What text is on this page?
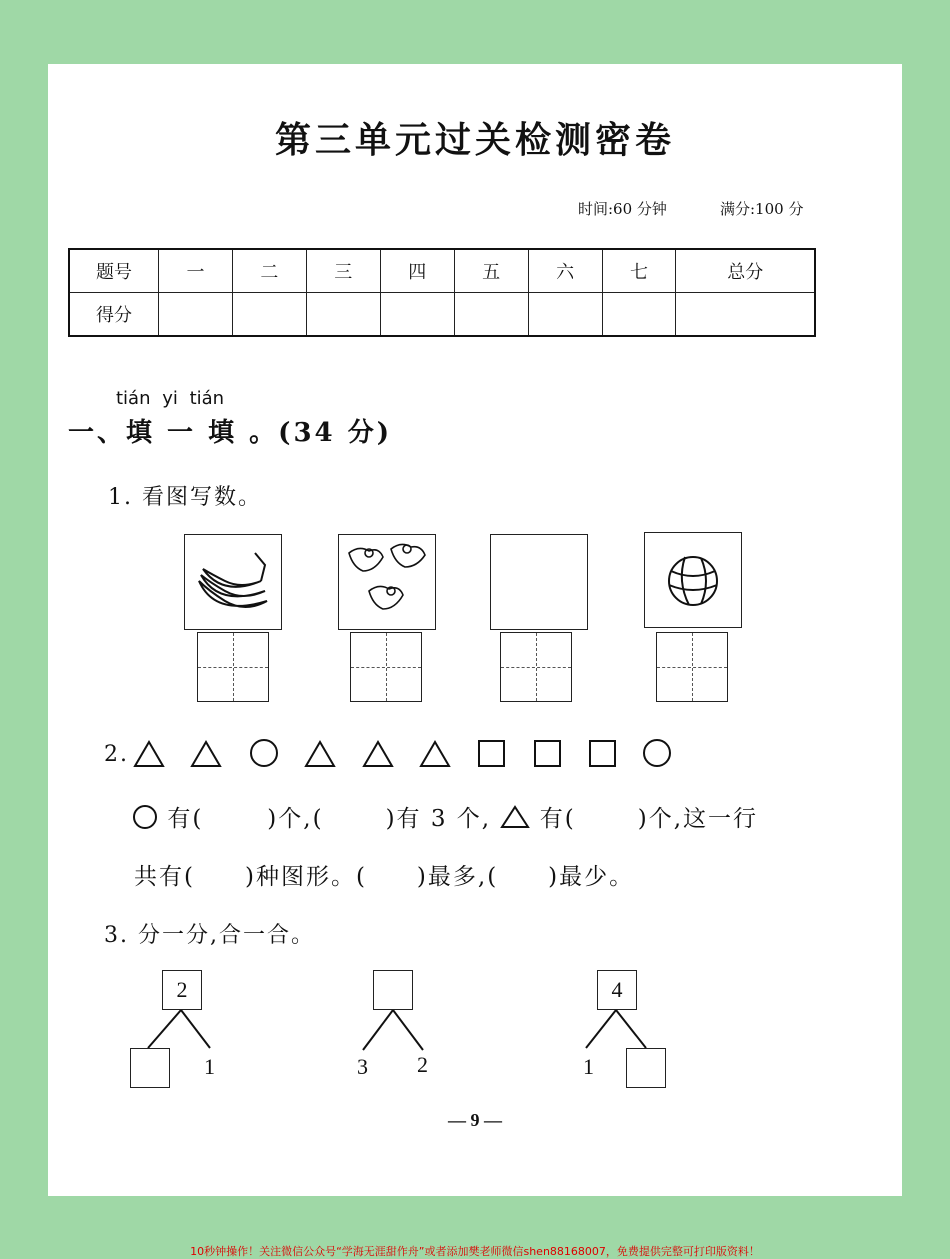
第三单元过关检测密卷
时间:60 分钟	满分:100 分
题号	一	二	三	四	五	六	七	总分
得分								
tián yi tián
一、填 一 填 。(34 分)
1. 看图写数。
2.
有(	)个,(	)有 3 个, 有(	)个,这一行
共有(　　)种图形。(　　)最多,(　　)最少。
3. 分一分,合一合。
2
1	3 2
4
1
— 9 —
10秒钟操作！关注微信公众号“学海无涯甜作舟”或者添加樊老师微信shen88168007，免费提供完整可打印版资料！
